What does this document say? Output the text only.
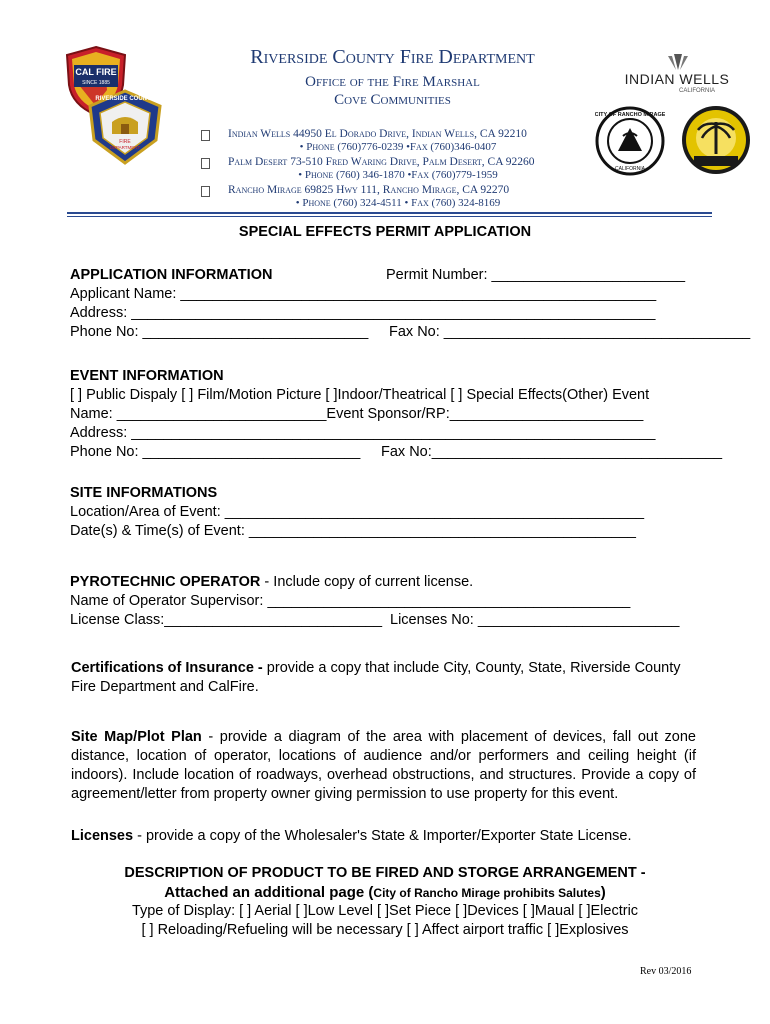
CAL FIRE
SINCE 1885
RIVERSIDE COUNTY
FIRE
DEPARTMENT
INDIAN WELLS
CALIFORNIA
CITY OF RANCHO MIRAGE
CALIFORNIA
Riverside County Fire Department
Office of the Fire Marshal
Cove Communities
Indian Wells 44950 El Dorado Drive, Indian Wells, CA 92210
• Phone (760)776-0239 •Fax (760)346-0407
Palm Desert 73-510 Fred Waring Drive, Palm Desert, CA 92260
• Phone (760) 346-1870 •Fax (760)779-1959
Rancho Mirage 69825 Hwy 111, Rancho Mirage, CA 92270
• Phone (760) 324-4511 • Fax (760) 324-8169
SPECIAL EFFECTS PERMIT APPLICATION
APPLICATION INFORMATION	Permit Number: ________________________
Applicant Name: ___________________________________________________________
Address: _________________________________________________________________
Phone No: ____________________________ Fax No: ______________________________________
EVENT INFORMATION
[ ] Public Dispaly [ ] Film/Motion Picture [ ]Indoor/Theatrical [ ] Special Effects(Other) Event
Name: __________________________Event Sponsor/RP:________________________
Address: _________________________________________________________________
Phone No: ___________________________	Fax No:____________________________________
SITE INFORMATIONS
Location/Area of Event: ____________________________________________________
Date(s) & Time(s) of Event: ________________________________________________
PYROTECHNIC OPERATOR - Include copy of current license.
Name of Operator Supervisor: _____________________________________________
License Class:___________________________ Licenses No: _________________________
Certifications of Insurance - provide a copy that include City, County, State, Riverside County Fire Department and CalFire.
Site Map/Plot Plan - provide a diagram of the area with placement of devices, fall out zone distance, location of operator, locations of audience and/or performers and ceiling height (if indoors). Include location of roadways, overhead obstructions, and structures. Provide a copy of agreement/letter from property owner giving permission to use property for this event.
Licenses - provide a copy of the Wholesaler's State & Importer/Exporter State License.
DESCRIPTION OF PRODUCT TO BE FIRED AND STORGE ARRANGEMENT -
Attached an additional page (City of Rancho Mirage prohibits Salutes)
Type of Display: [ ] Aerial [ ]Low Level [ ]Set Piece [ ]Devices [ ]Maual [ ]Electric
[ ] Reloading/Refueling will be necessary [ ] Affect airport traffic [ ]Explosives
Rev 03/2016
